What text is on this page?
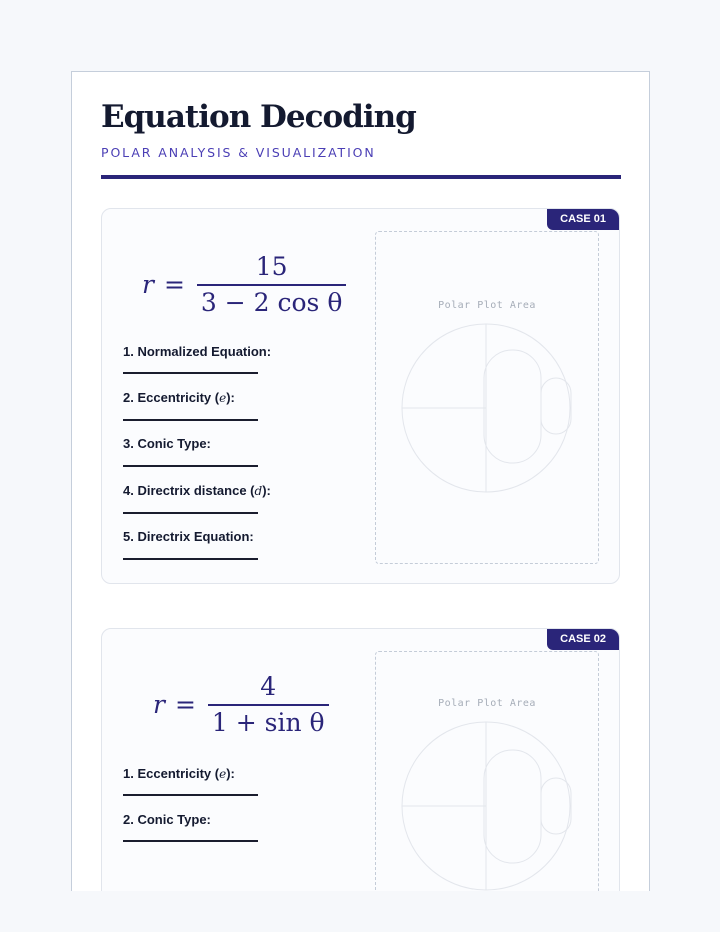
Equation Decoding
POLAR ANALYSIS & VISUALIZATION
CASE 01
$r = \frac{15}{\text{3 − 2 cos θ}}$
1. Normalized Equation:
2. Eccentricity (e):
3. Conic Type:
4. Directrix distance (d):
5. Directrix Equation:
Polar Plot Area
CASE 02
$r = \frac{4}{\text{1 + sin θ}}$
1. Eccentricity (e):
2. Conic Type:
Polar Plot Area
